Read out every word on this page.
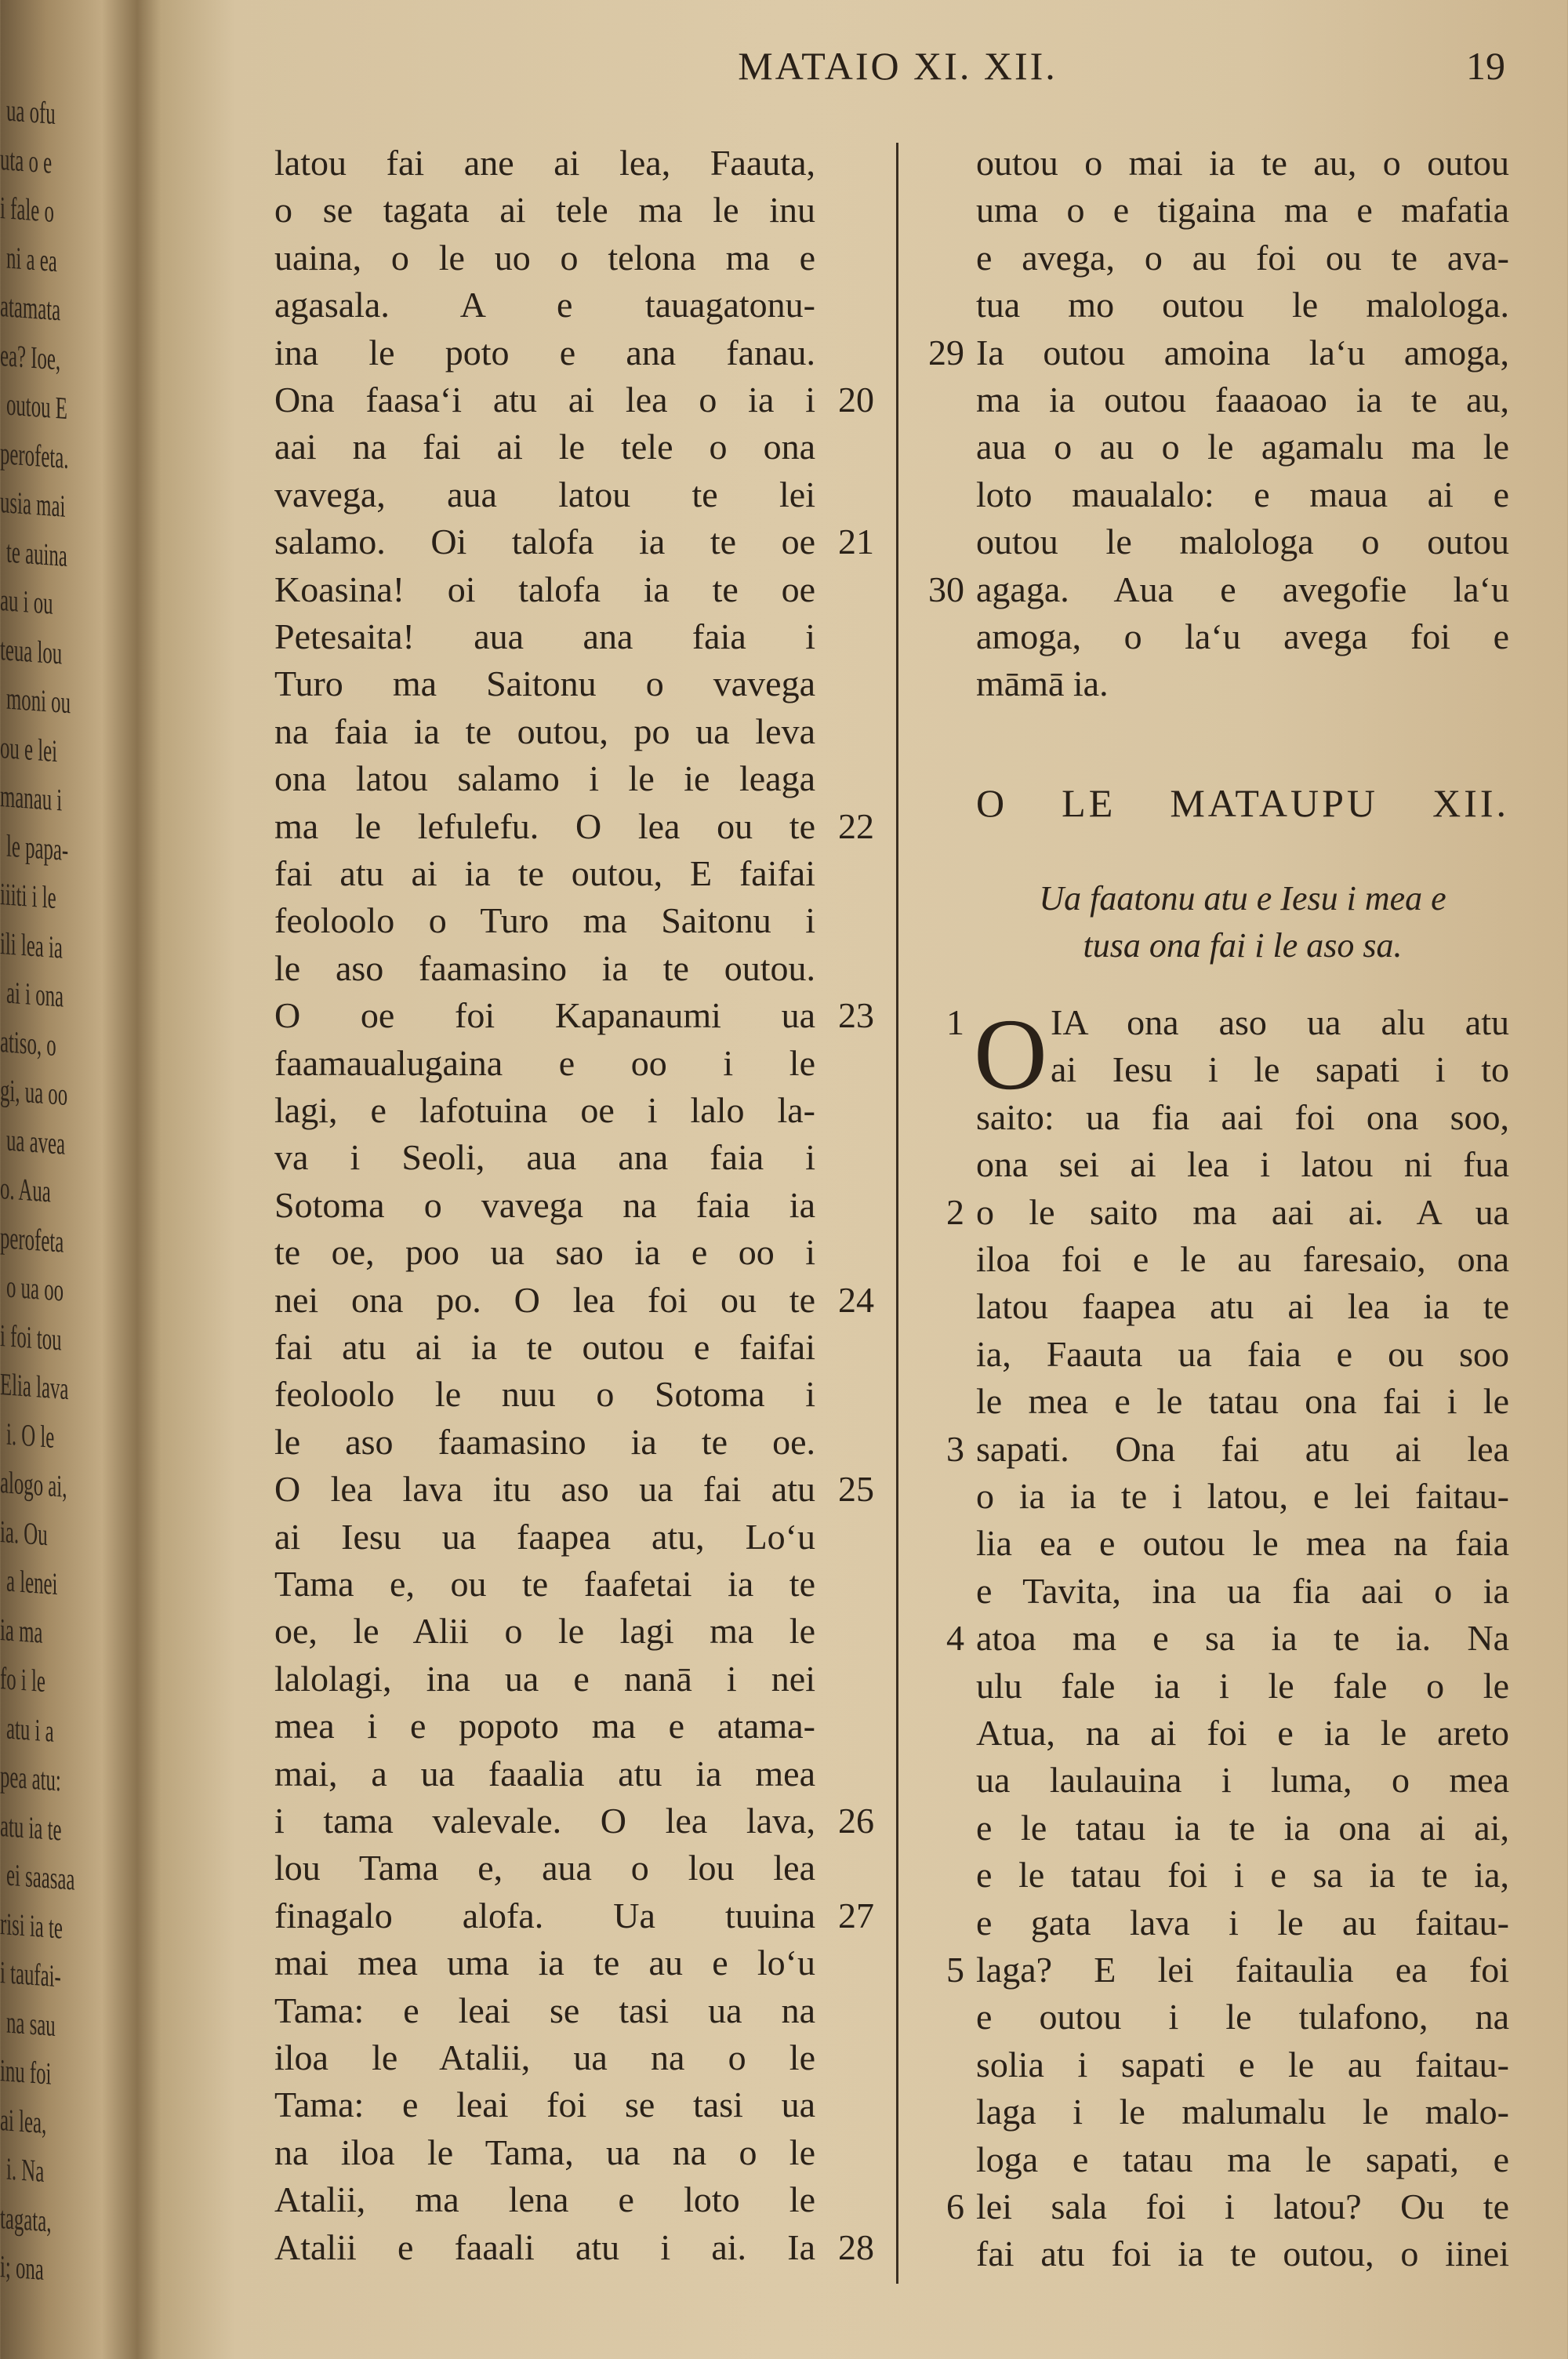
ua ofu
uta o e
i fale o
ni a ea
atamata
ea? Ioe,
outou E
perofeta.
usia mai
te auina
au i ou
teua lou
moni ou
ou e lei
manau i
le papa-
iiiti i le
ili lea ia
ai i ona
atiso, o
gi, ua oo
ua avea
o. Aua
perofeta
o ua oo
i foi tou
Elia lava
i. O le
alogo ai,
ia. Ou
a lenei
ia ma
fo i le
atu i a
pea atu:
atu ia te
ei saasaa
risi ia te
i taufai-
na sau
inu foi
ai lea,
i. Na
tagata,
i; ona
MATAIO XI. XII.	19
latou fai ane ai lea, Faauta,
o se tagata ai tele ma le inu
uaina, o le uo o telona ma e
agasala. A e tauagatonu-
ina le poto e ana fanau.
Ona faasa‘i atu ai lea o ia i 20
aai na fai ai le tele o ona
vavega, aua latou te lei
salamo. Oi talofa ia te oe 21
Koasina! oi talofa ia te oe
Petesaita! aua ana faia i
Turo ma Saitonu o vavega
na faia ia te outou, po ua leva
ona latou salamo i le ie leaga
ma le lefulefu. O lea ou te 22
fai atu ai ia te outou, E faifai
feoloolo o Turo ma Saitonu i
le aso faamasino ia te outou.
O oe foi Kapanaumi ua 23
faamaualugaina e oo i le
lagi, e lafotuina oe i lalo la-
va i Seoli, aua ana faia i
Sotoma o vavega na faia ia
te oe, poo ua sao ia e oo i
nei ona po. O lea foi ou te 24
fai atu ai ia te outou e faifai
feoloolo le nuu o Sotoma i
le aso faamasino ia te oe.
O lea lava itu aso ua fai atu 25
ai Iesu ua faapea atu, Lo‘u
Tama e, ou te faafetai ia te
oe, le Alii o le lagi ma le
lalolagi, ina ua e nanā i nei
mea i e popoto ma e atama-
mai, a ua faaalia atu ia mea
i tama valevale. O lea lava, 26
lou Tama e, aua o lou lea
finagalo alofa. Ua tuuina 27
mai mea uma ia te au e lo‘u
Tama: e leai se tasi ua na
iloa le Atalii, ua na o le
Tama: e leai foi se tasi ua
na iloa le Tama, ua na o le
Atalii, ma lena e loto le
Atalii e faaali atu i ai. Ia 28
outou o mai ia te au, o outou
uma o e tigaina ma e mafatia
e avega, o au foi ou te ava-
tua mo outou le malologa.
Ia outou amoina la‘u amoga,
29
ma ia outou faaaoao ia te au,
aua o au o le agamalu ma le
loto maualalo: e maua ai e
outou le malologa o outou
agaga. Aua e avegofie la‘u
30
amoga, o la‘u avega foi e
māmā ia.
O LE MATAUPU XII.
Ua faatonu atu e Iesu i mea e
tusa ona fai i le aso sa.
O IA ona aso ua alu atu
1
ai Iesu i le sapati i to
saito: ua fia aai foi ona soo,
ona sei ai lea i latou ni fua
o le saito ma aai ai. A ua
2
iloa foi e le au faresaio, ona
latou faapea atu ai lea ia te
ia, Faauta ua faia e ou soo
le mea e le tatau ona fai i le
sapati. Ona fai atu ai lea
3
o ia ia te i latou, e lei faitau-
lia ea e outou le mea na faia
e Tavita, ina ua fia aai o ia
atoa ma e sa ia te ia. Na
4
ulu fale ia i le fale o le
Atua, na ai foi e ia le areto
ua laulauina i luma, o mea
e le tatau ia te ia ona ai ai,
e le tatau foi i e sa ia te ia,
e gata lava i le au faitau-
laga? E lei faitaulia ea foi
5
e outou i le tulafono, na
solia i sapati e le au faitau-
laga i le malumalu le malo-
loga e tatau ma le sapati, e
lei sala foi i latou? Ou te
6
fai atu foi ia te outou, o iinei
